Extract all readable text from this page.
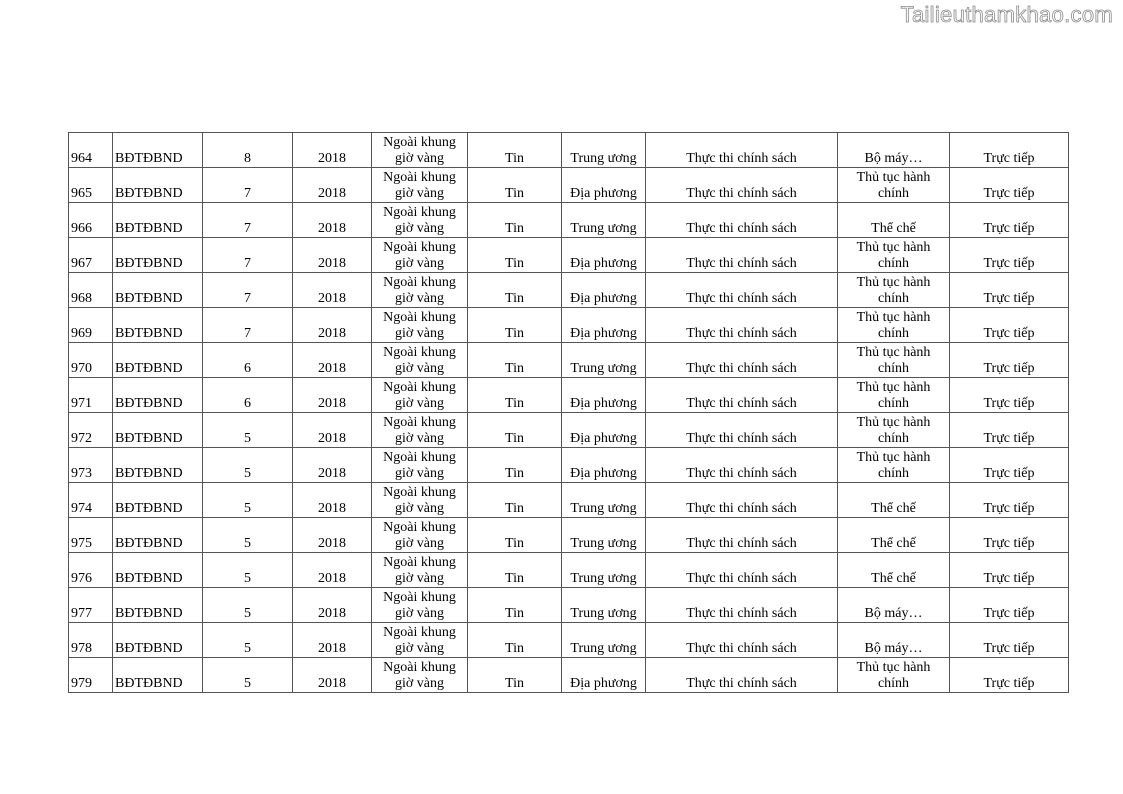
Tailieuthamkhao.com
964	BĐTĐBND	8	2018	Ngoài khung
giờ vàng	Tin	Trung ương	Thực thi chính sách	Bộ máy…	Trực tiếp
965	BĐTĐBND	7	2018	Ngoài khung
giờ vàng	Tin	Địa phương	Thực thi chính sách	Thủ tục hành
chính	Trực tiếp
966	BĐTĐBND	7	2018	Ngoài khung
giờ vàng	Tin	Trung ương	Thực thi chính sách	Thể chế	Trực tiếp
967	BĐTĐBND	7	2018	Ngoài khung
giờ vàng	Tin	Địa phương	Thực thi chính sách	Thủ tục hành
chính	Trực tiếp
968	BĐTĐBND	7	2018	Ngoài khung
giờ vàng	Tin	Địa phương	Thực thi chính sách	Thủ tục hành
chính	Trực tiếp
969	BĐTĐBND	7	2018	Ngoài khung
giờ vàng	Tin	Địa phương	Thực thi chính sách	Thủ tục hành
chính	Trực tiếp
970	BĐTĐBND	6	2018	Ngoài khung
giờ vàng	Tin	Trung ương	Thực thi chính sách	Thủ tục hành
chính	Trực tiếp
971	BĐTĐBND	6	2018	Ngoài khung
giờ vàng	Tin	Địa phương	Thực thi chính sách	Thủ tục hành
chính	Trực tiếp
972	BĐTĐBND	5	2018	Ngoài khung
giờ vàng	Tin	Địa phương	Thực thi chính sách	Thủ tục hành
chính	Trực tiếp
973	BĐTĐBND	5	2018	Ngoài khung
giờ vàng	Tin	Địa phương	Thực thi chính sách	Thủ tục hành
chính	Trực tiếp
974	BĐTĐBND	5	2018	Ngoài khung
giờ vàng	Tin	Trung ương	Thực thi chính sách	Thể chế	Trực tiếp
975	BĐTĐBND	5	2018	Ngoài khung
giờ vàng	Tin	Trung ương	Thực thi chính sách	Thể chế	Trực tiếp
976	BĐTĐBND	5	2018	Ngoài khung
giờ vàng	Tin	Trung ương	Thực thi chính sách	Thể chế	Trực tiếp
977	BĐTĐBND	5	2018	Ngoài khung
giờ vàng	Tin	Trung ương	Thực thi chính sách	Bộ máy…	Trực tiếp
978	BĐTĐBND	5	2018	Ngoài khung
giờ vàng	Tin	Trung ương	Thực thi chính sách	Bộ máy…	Trực tiếp
979	BĐTĐBND	5	2018	Ngoài khung
giờ vàng	Tin	Địa phương	Thực thi chính sách	Thủ tục hành
chính	Trực tiếp
